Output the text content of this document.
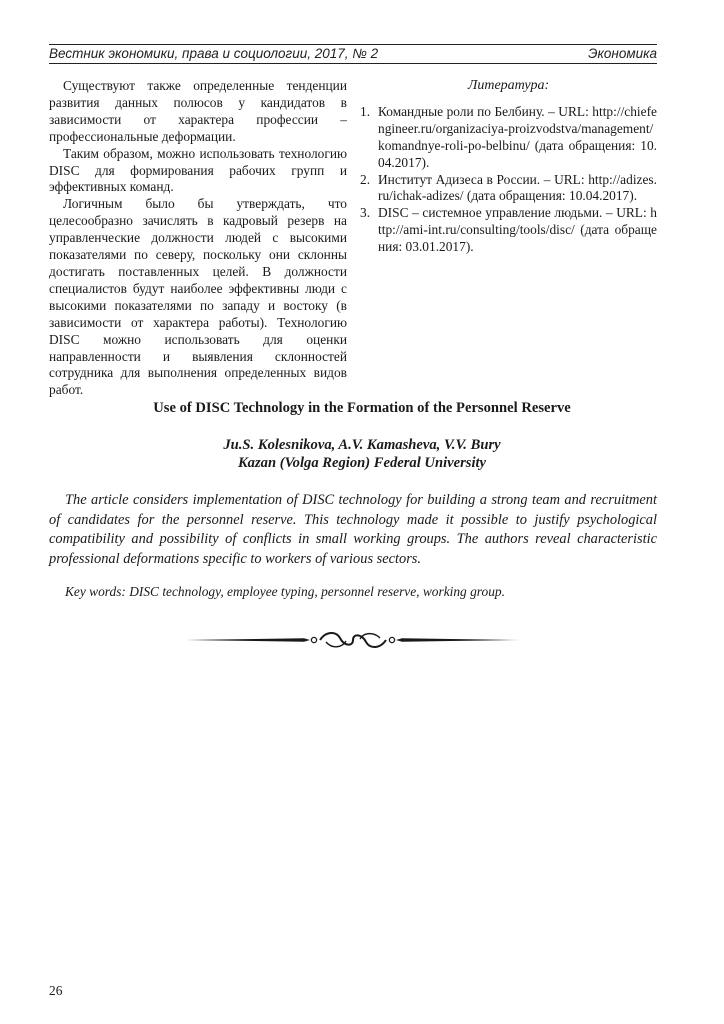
Вестник экономики, права и социологии, 2017, № 2	Экономика

Существуют также определенные тенденции развития данных полюсов у кандидатов в зависимости от характера профессии – профессиональные деформации.

Таким образом, можно использовать технологию DISC для формирования рабочих групп и эффективных команд.

Логичным было бы утверждать, что целесообразно зачислять в кадровый резерв на управленческие должности людей с высокими показателями по северу, поскольку они склонны достигать поставленных целей. В должности специалистов будут наиболее эффективны люди с высокими показателями по западу и востоку (в зависимости от характера работы). Технологию DISC можно использовать для оценки направленности и выявления склонностей сотрудника для выполнения определенных видов работ.

Литература:
1. Командные роли по Белбину. – URL: http://chiefengineer.ru/organizaciya-proizvodstva/management/komandnye-roli-po-belbinu/ (дата обращения: 10.04.2017).
2. Институт Адизеса в России. – URL: http://adizes.ru/ichak-adizes/ (дата обращения: 10.04.2017).
3. DISC – системное управление людьми. – URL: http://ami-int.ru/consulting/tools/disc/ (дата обращения: 03.01.2017).
Use of DISC Technology in the Formation of the Personnel Reserve
Ju.S. Kolesnikova, A.V. Kamasheva, V.V. Bury
Kazan (Volga Region) Federal University

The article considers implementation of DISC technology for building a strong team and recruitment of candidates for the personnel reserve. This technology made it possible to justify psychological compatibility and possibility of conflicts in small working groups. The authors reveal characteristic professional deformations specific to workers of various sectors.

Key words: DISC technology, employee typing, personnel reserve, working group.

26
